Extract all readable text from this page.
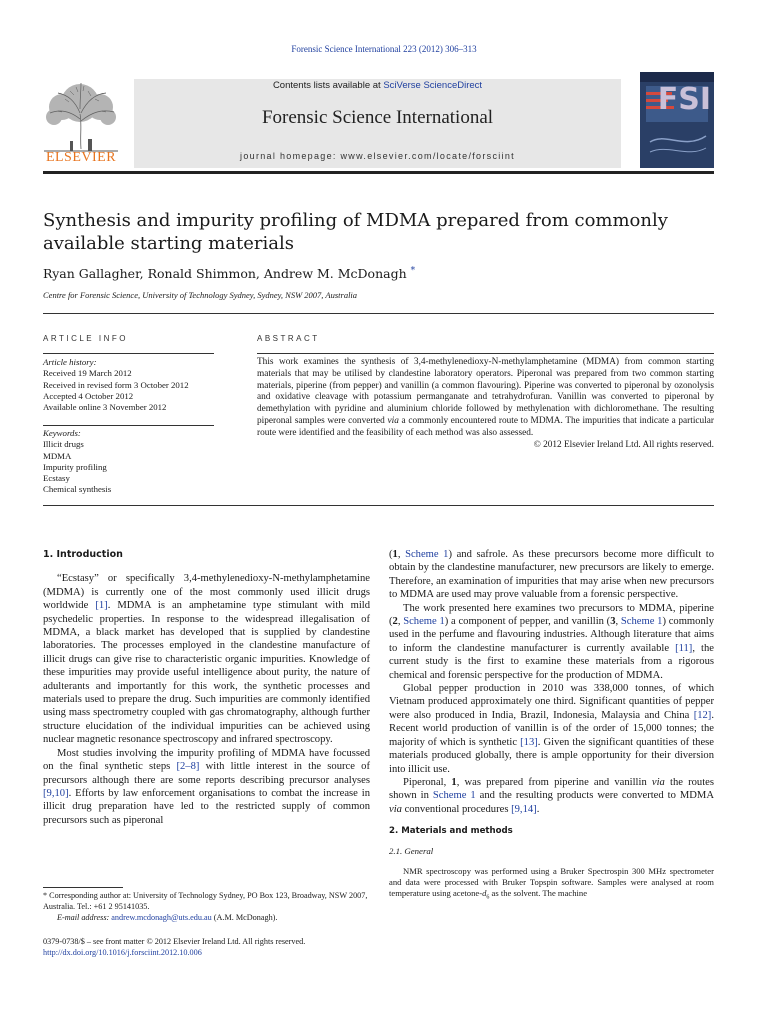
Forensic Science International 223 (2012) 306–313
ELSEVIER
Contents lists available at SciVerse ScienceDirect
Forensic Science International
journal homepage: www.elsevier.com/locate/forsciint
FSI
Synthesis and impurity profiling of MDMA prepared from commonly available starting materials
Ryan Gallagher, Ronald Shimmon, Andrew M. McDonagh *
Centre for Forensic Science, University of Technology Sydney, Sydney, NSW 2007, Australia
ARTICLE INFO
Article history:
Received 19 March 2012
Received in revised form 3 October 2012
Accepted 4 October 2012
Available online 3 November 2012
Keywords:
Illicit drugs
MDMA
Impurity profiling
Ecstasy
Chemical synthesis
ABSTRACT
This work examines the synthesis of 3,4-methylenedioxy-N-methylamphetamine (MDMA) from common starting materials that may be utilised by clandestine laboratory operators. Piperonal was prepared from two common starting materials, piperine (from pepper) and vanillin (a common flavouring). Piperine was converted to piperonal by ozonolysis and oxidative cleavage with potassium permanganate and tetrahydrofuran. Vanillin was converted to piperonal by demethylation with pyridine and aluminium chloride followed by methylenation with dichloromethane. The resulting piperonal samples were converted via a commonly encountered route to MDMA. The impurities that indicate a particular route were identified and the feasibility of each method was also assessed.
© 2012 Elsevier Ireland Ltd. All rights reserved.
1. Introduction

“Ecstasy” or specifically 3,4-methylenedioxy-N-methylamphetamine (MDMA) is currently one of the most commonly used illicit drugs worldwide [1]. MDMA is an amphetamine type stimulant with mild psychedelic properties. In response to the widespread illegalisation of MDMA, a black market has developed that is supplied by clandestine laboratories. The processes employed in the clandestine manufacture of illicit drugs can give rise to characteristic organic impurities. Knowledge of these impurities may provide useful intelligence about purity, the nature of adulterants and importantly for this work, the synthetic processes and materials used to prepare the drug. Such impurities are commonly identified using mass spectrometry coupled with gas chromatography, although further structure elucidation of the individual impurities can be achieved using nuclear magnetic resonance spectroscopy and infrared spectroscopy.

Most studies involving the impurity profiling of MDMA have focussed on the final synthetic steps [2–8] with little interest in the source of precursors although there are some reports describing precursor analyses [9,10]. Efforts by law enforcement organisations to combat the increase in illicit drug preparation have led to the restricted supply of common precursors such as piperonal

(1, Scheme 1) and safrole. As these precursors become more difficult to obtain by the clandestine manufacturer, new precursors are likely to emerge. Therefore, an examination of impurities that may arise when new precursors to MDMA are used may prove valuable from a forensic perspective.

The work presented here examines two precursors to MDMA, piperine (2, Scheme 1) a component of pepper, and vanillin (3, Scheme 1) commonly used in the perfume and flavouring industries. Although literature that aims to inform the clandestine manufacturer is currently available [11], the current study is the first to examine these materials from a rigorous chemical and forensic perspective for the production of MDMA.

Global pepper production in 2010 was 338,000 tonnes, of which Vietnam produced approximately one third. Significant quantities of pepper were also produced in India, Brazil, Indonesia, Malaysia and China [12]. Recent world production of vanillin is of the order of 15,000 tonnes; the majority of which is synthetic [13]. Given the significant quantities of these materials produced globally, there is ample opportunity for their diversion into illicit use.

Piperonal, 1, was prepared from piperine and vanillin via the routes shown in Scheme 1 and the resulting products were converted to MDMA via conventional procedures [9,14].

2. Materials and methods
2.1. General

NMR spectroscopy was performed using a Bruker Spectrospin 300 MHz spectrometer and data were processed with Bruker Topspin software. Samples were analysed at room temperature using acetone-$d_6$ as the solvent. The machine

* Corresponding author at: University of Technology Sydney, PO Box 123, Broadway, NSW 2007, Australia. Tel.: +61 2 95141035.
E-mail address: andrew.mcdonagh@uts.edu.au (A.M. McDonagh).
0379-0738/$ – see front matter © 2012 Elsevier Ireland Ltd. All rights reserved.
http://dx.doi.org/10.1016/j.forsciint.2012.10.006
